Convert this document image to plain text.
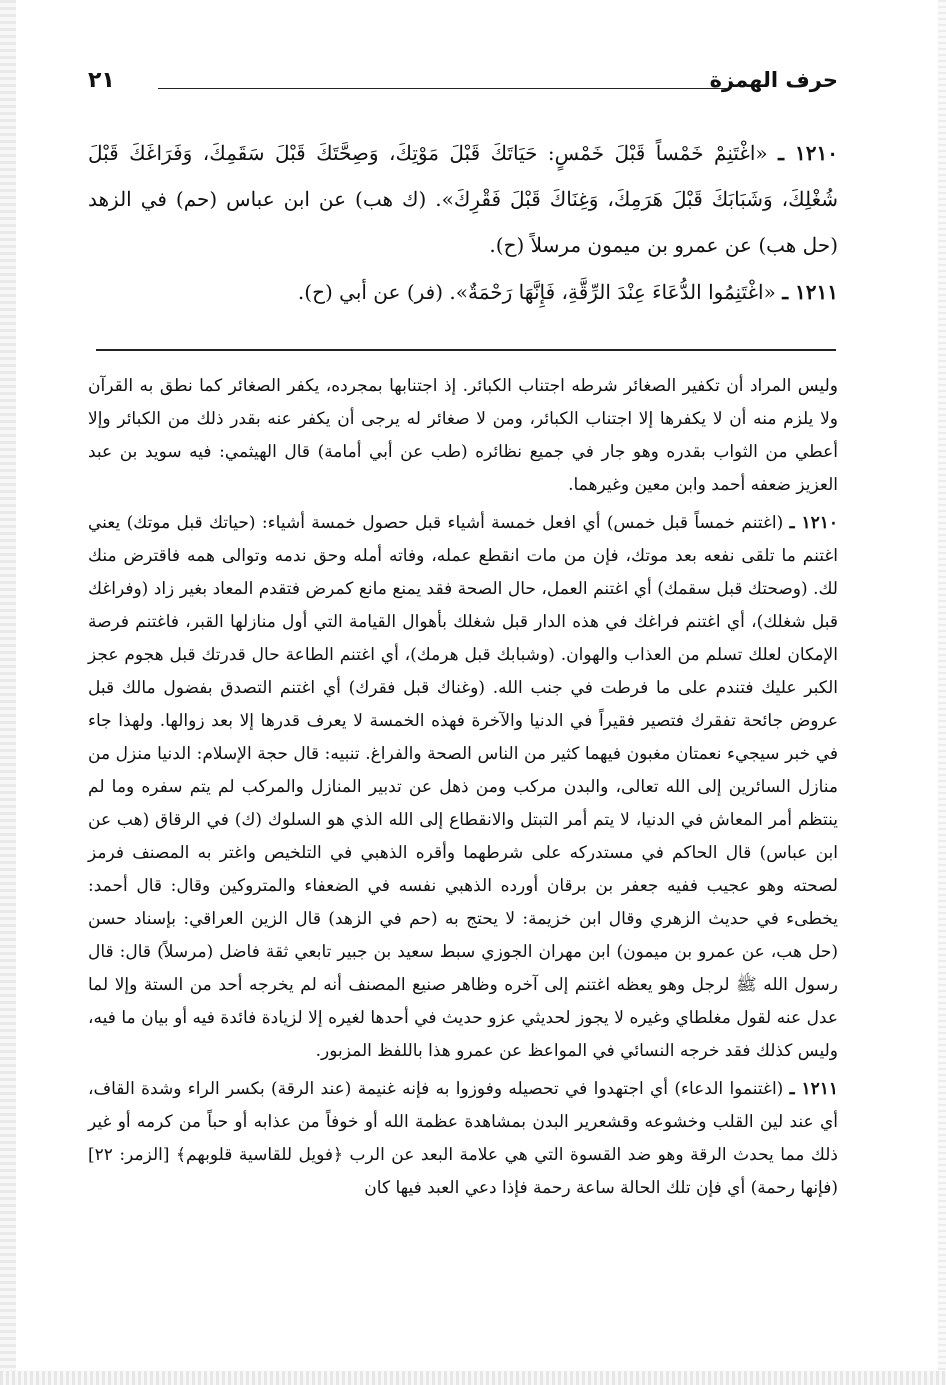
حرف الهمزة
٢١
١٢١٠ ـ «اغْتَنِمْ خَمْساً قَبْلَ خَمْسٍ: حَيَاتَكَ قَبْلَ مَوْتِكَ، وَصِحَّتَكَ قَبْلَ سَقَمِكَ، وَفَرَاغَكَ قَبْلَ شُغْلِكَ، وَشَبَابَكَ قَبْلَ هَرَمِكَ، وَغِنَاكَ قَبْلَ فَقْرِكَ». (ك هب) عن ابن عباس (حم) في الزهد (حل هب) عن عمرو بن ميمون مرسلاً (ح).
١٢١١ ـ «اغْتَنِمُوا الدُّعَاءَ عِنْدَ الرِّقَّةِ، فَإِنَّهَا رَحْمَةٌ». (فر) عن أبي (ح).

وليس المراد أن تكفير الصغائر شرطه اجتناب الكبائر. إذ اجتنابها بمجرده، يكفر الصغائر كما نطق به القرآن ولا يلزم منه أن لا يكفرها إلا اجتناب الكبائر، ومن لا صغائر له يرجى أن يكفر عنه بقدر ذلك من الكبائر وإلا أعطي من الثواب بقدره وهو جار في جميع نظائره (طب عن أبي أمامة) قال الهيثمي: فيه سويد بن عبد العزيز ضعفه أحمد وابن معين وغيرهما.

١٢١٠ ـ (اغتنم خمساً قبل خمس) أي افعل خمسة أشياء قبل حصول خمسة أشياء: (حياتك قبل موتك) يعني اغتنم ما تلقى نفعه بعد موتك، فإن من مات انقطع عمله، وفاته أمله وحق ندمه وتوالى همه فاقترض منك لك. (وصحتك قبل سقمك) أي اغتنم العمل، حال الصحة فقد يمنع مانع كمرض فتقدم المعاد بغير زاد (وفراغك قبل شغلك)، أي اغتنم فراغك في هذه الدار قبل شغلك بأهوال القيامة التي أول منازلها القبر، فاغتنم فرصة الإمكان لعلك تسلم من العذاب والهوان. (وشبابك قبل هرمك)، أي اغتنم الطاعة حال قدرتك قبل هجوم عجز الكبر عليك فتندم على ما فرطت في جنب الله. (وغناك قبل فقرك) أي اغتنم التصدق بفضول مالك قبل عروض جائحة تفقرك فتصير فقيراً في الدنيا والآخرة فهذه الخمسة لا يعرف قدرها إلا بعد زوالها. ولهذا جاء في خبر سيجيء نعمتان مغبون فيهما كثير من الناس الصحة والفراغ. تنبيه: قال حجة الإسلام: الدنيا منزل من منازل السائرين إلى الله تعالى، والبدن مركب ومن ذهل عن تدبير المنازل والمركب لم يتم سفره وما لم ينتظم أمر المعاش في الدنيا، لا يتم أمر التبتل والانقطاع إلى الله الذي هو السلوك (ك) في الرقاق (هب عن ابن عباس) قال الحاكم في مستدركه على شرطهما وأقره الذهبي في التلخيص واغتر به المصنف فرمز لصحته وهو عجيب ففيه جعفر بن برقان أورده الذهبي نفسه في الضعفاء والمتروكين وقال: قال أحمد: يخطىء في حديث الزهري وقال ابن خزيمة: لا يحتج به (حم في الزهد) قال الزين العراقي: بإسناد حسن (حل هب، عن عمرو بن ميمون) ابن مهران الجوزي سبط سعيد بن جبير تابعي ثقة فاضل (مرسلاً) قال: قال رسول الله ﷺ لرجل وهو يعظه اغتنم إلى آخره وظاهر صنيع المصنف أنه لم يخرجه أحد من الستة وإلا لما عدل عنه لقول مغلطاي وغيره لا يجوز لحديثي عزو حديث في أحدها لغيره إلا لزيادة فائدة فيه أو بيان ما فيه، وليس كذلك فقد خرجه النسائي في المواعظ عن عمرو هذا باللفظ المزبور.

١٢١١ ـ (اغتنموا الدعاء) أي اجتهدوا في تحصيله وفوزوا به فإنه غنيمة (عند الرقة) بكسر الراء وشدة القاف، أي عند لين القلب وخشوعه وقشعرير البدن بمشاهدة عظمة الله أو خوفاً من عذابه أو حباً من كرمه أو غير ذلك مما يحدث الرقة وهو ضد القسوة التي هي علامة البعد عن الرب ﴿فويل للقاسية قلوبهم﴾ [الزمر: ٢٢] (فإنها رحمة) أي فإن تلك الحالة ساعة رحمة فإذا دعي العبد فيها كان
